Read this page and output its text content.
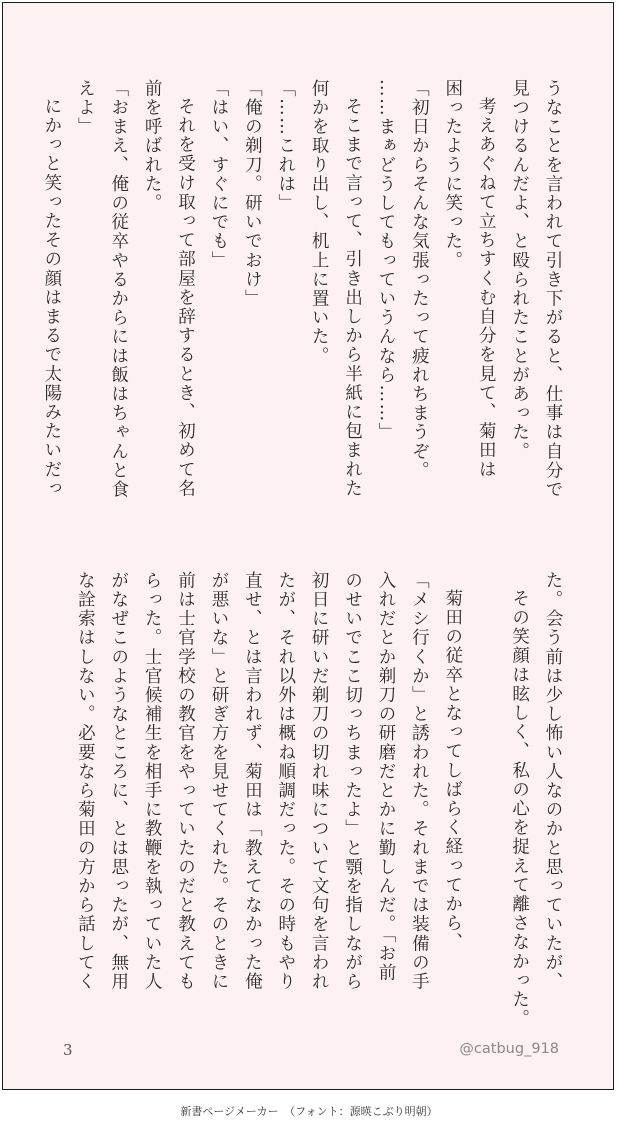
うなことを言われて引き下がると、仕事は自分で
見つけるんだよ、と殴られたことがあった。
考えあぐねて立ちすくむ自分を見て、菊田は
困ったように笑った。
「初日からそんな気張ったって疲れちまうぞ。
……まぁどうしてもっていうんなら……」
そこまで言って、引き出しから半紙に包まれた
何かを取り出し、机上に置いた。
「……これは」
「俺の剃刀。研いでおけ」
「はい、すぐにでも」
それを受け取って部屋を辞するとき、初めて名
前を呼ばれた。
「おまえ、俺の従卒やるからには飯はちゃんと食
えよ」
にかっと笑ったその顔はまるで太陽みたいだっ
た。会う前は少し怖い人なのかと思っていたが、
その笑顔は眩しく、私の心を捉えて離さなかった。

菊田の従卒となってしばらく経ってから、
「メシ行くか」と誘われた。それまでは装備の手
入れだとか剃刀の研磨だとかに勤しんだ。「お前
のせいでここ切っちまったよ」と顎を指しながら
初日に研いだ剃刀の切れ味について文句を言われ
たが、それ以外は概ね順調だった。その時もやり
直せ、とは言われず、菊田は「教えてなかった俺
が悪いな」と研ぎ方を見せてくれた。そのときに
前は士官学校の教官をやっていたのだと教えても
らった。士官候補生を相手に教鞭を執っていた人
がなぜこのようなところに、とは思ったが、無用
な詮索はしない。必要なら菊田の方から話してく
3	@catbug_918
新書ページメーカー　（フォント：源暎こぶり明朝）
